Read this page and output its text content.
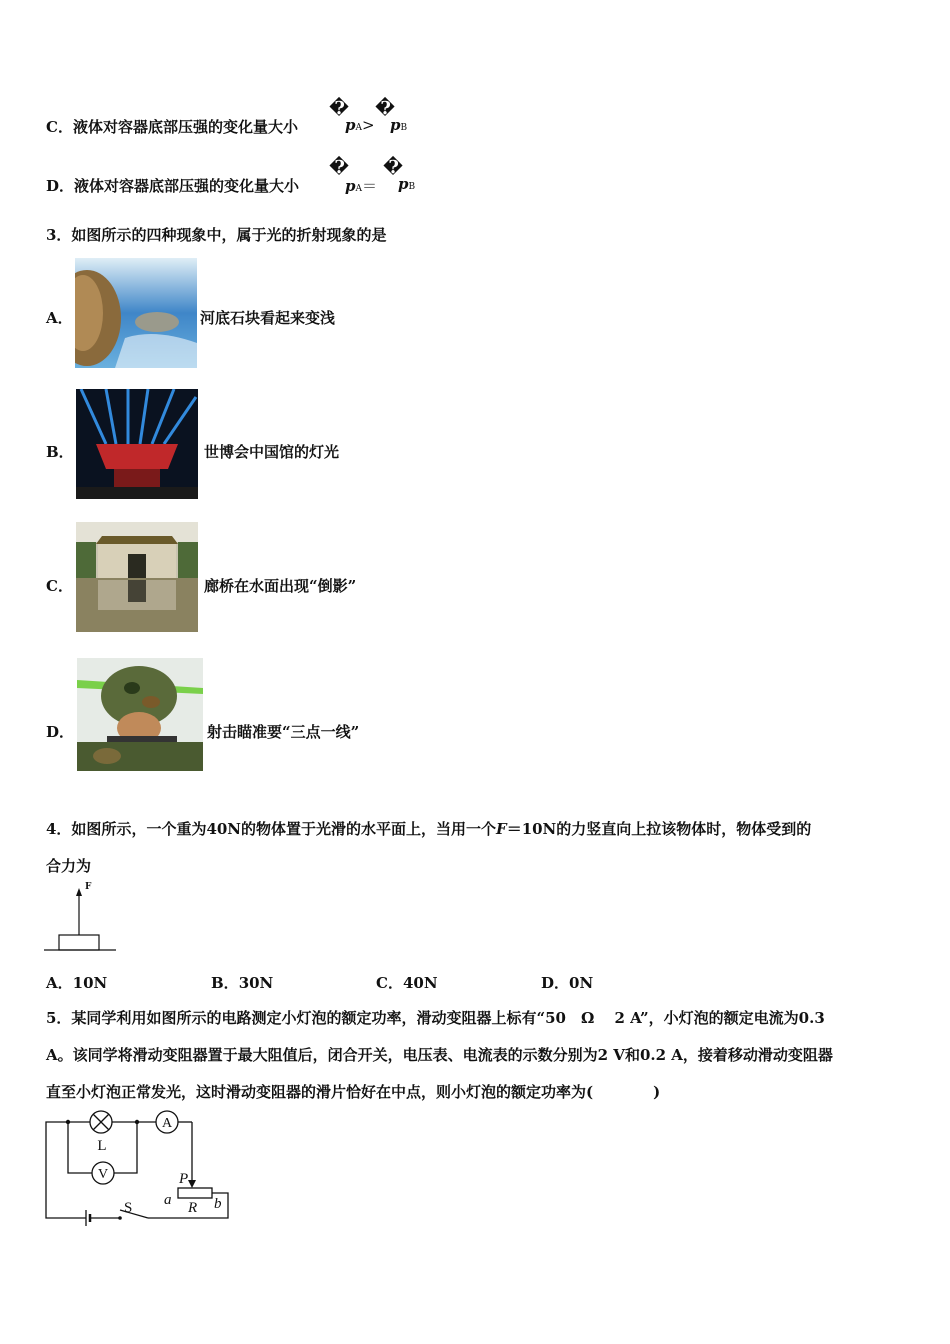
C．液体对容器底部压强的变化量大小
�
pA>
�
pB
D．液体对容器底部压强的变化量大小
�
pA＝
�
pB
3．如图所示的四种现象中，属于光的折射现象的是
A．	河底石块看起来变浅
B．	世博会中国馆的灯光
C．	廊桥在水面出现“倒影”
D．	射击瞄准要“三点一线”
4．如图所示，一个重为40N的物体置于光滑的水平面上，当用一个F＝10N的力竖直向上拉该物体时，物体受到的
合力为
F
A．10N	B．30N	C．40N	D．0N
5．某同学利用如图所示的电路测定小灯泡的额定功率，滑动变阻器上标有“50　Ω　 2 A”，小灯泡的额定电流为0.3
A。该同学将滑动变阻器置于最大阻值后，闭合开关，电压表、电流表的示数分别为2 V和0.2 A，接着移动滑动变阻器
直至小灯泡正常发光，这时滑动变阻器的滑片恰好在中点，则小灯泡的额定功率为(　　　　)
A
V
L
P
a R b
S
